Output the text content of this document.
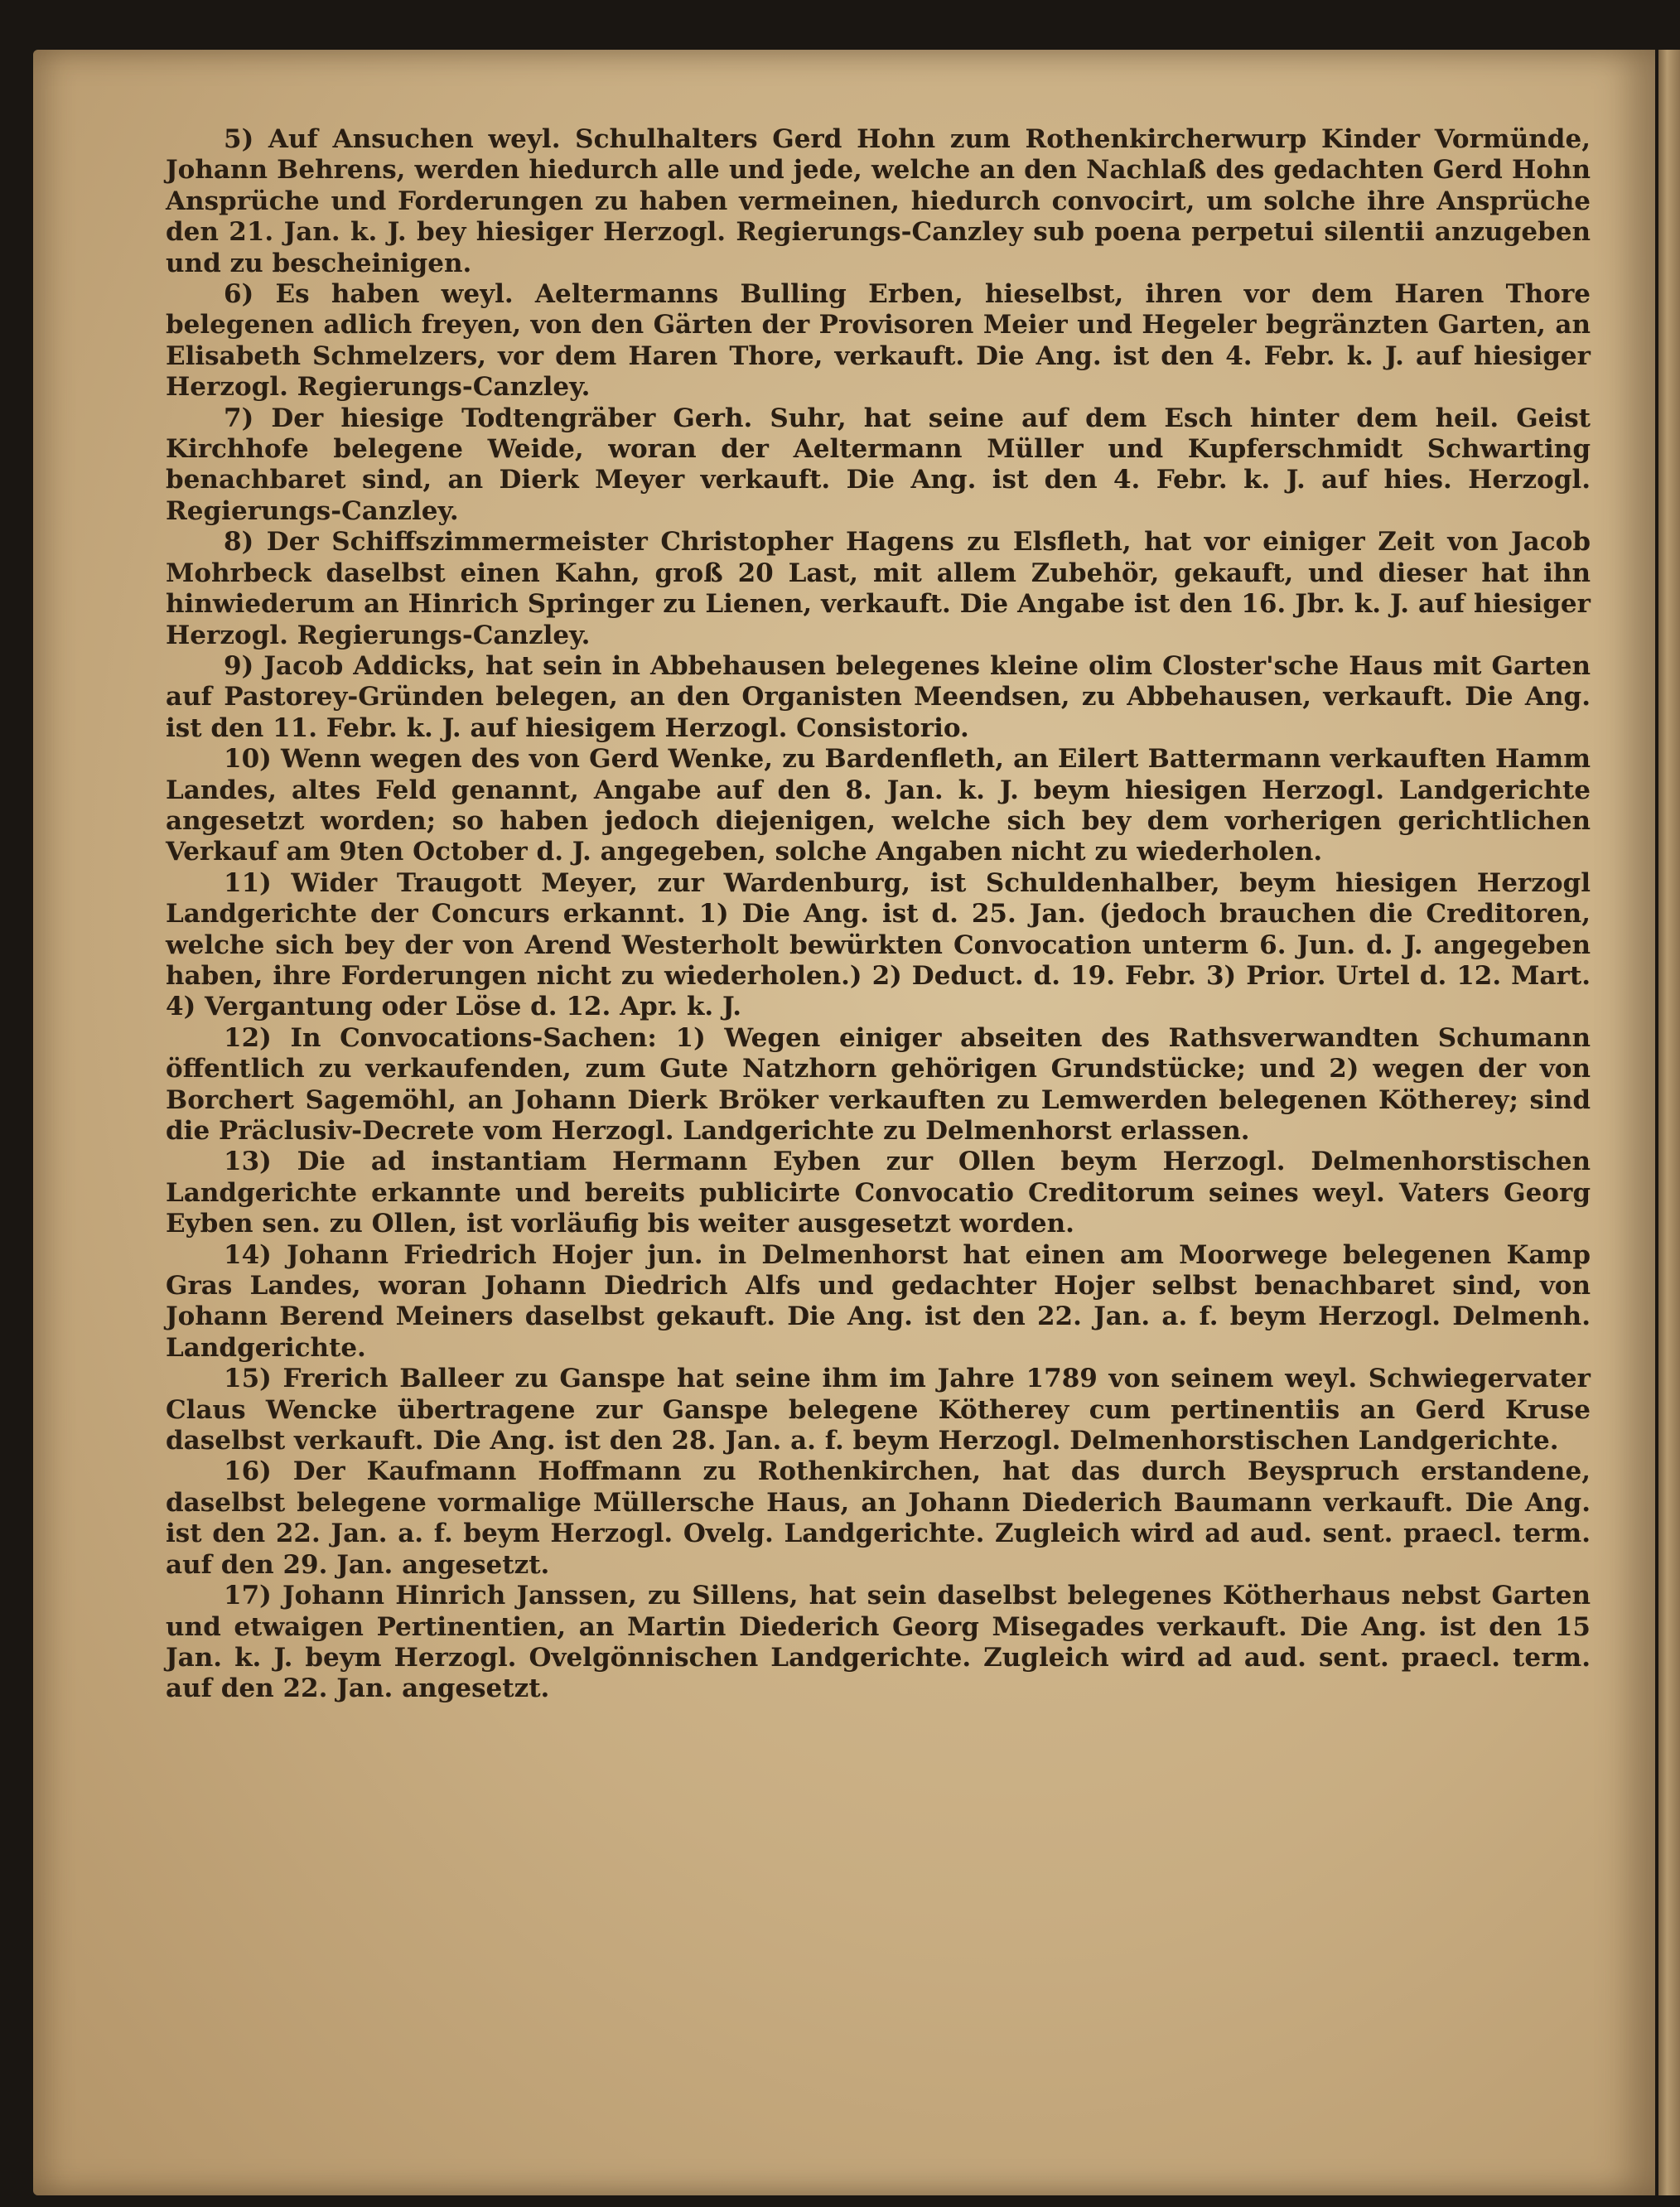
5) Auf Ansuchen weyl. Schulhalters Gerd Hohn zum Rothenkircherwurp Kinder Vormünde, Johann Behrens, werden hiedurch alle und jede, welche an den Nachlaß des gedachten Gerd Hohn Ansprüche und Forderungen zu haben vermeinen, hiedurch convocirt, um solche ihre Ansprüche den 21. Jan. k. J. bey hiesiger Herzogl. Regierungs-Canzley sub poena perpetui silentii anzugeben und zu bescheinigen.

6) Es haben weyl. Aeltermanns Bulling Erben, hieselbst, ihren vor dem Haren Thore belegenen adlich freyen, von den Gärten der Provisoren Meier und Hegeler begränzten Garten, an Elisabeth Schmelzers, vor dem Haren Thore, verkauft. Die Ang. ist den 4. Febr. k. J. auf hiesiger Herzogl. Regierungs-Canzley.

7) Der hiesige Todtengräber Gerh. Suhr, hat seine auf dem Esch hinter dem heil. Geist Kirchhofe belegene Weide, woran der Aeltermann Müller und Kupferschmidt Schwarting benachbaret sind, an Dierk Meyer verkauft. Die Ang. ist den 4. Febr. k. J. auf hies. Herzogl. Regierungs-Canzley.

8) Der Schiffszimmermeister Christopher Hagens zu Elsfleth, hat vor einiger Zeit von Jacob Mohrbeck daselbst einen Kahn, groß 20 Last, mit allem Zubehör, gekauft, und dieser hat ihn hinwiederum an Hinrich Springer zu Lienen, verkauft. Die Angabe ist den 16. Jbr. k. J. auf hiesiger Herzogl. Regierungs-Canzley.

9) Jacob Addicks, hat sein in Abbehausen belegenes kleine olim Closter'sche Haus mit Garten auf Pastorey-Gründen belegen, an den Organisten Meendsen, zu Abbehausen, verkauft. Die Ang. ist den 11. Febr. k. J. auf hiesigem Herzogl. Consistorio.

10) Wenn wegen des von Gerd Wenke, zu Bardenfleth, an Eilert Battermann verkauften Hamm Landes, altes Feld genannt, Angabe auf den 8. Jan. k. J. beym hiesigen Herzogl. Landgerichte angesetzt worden; so haben jedoch diejenigen, welche sich bey dem vorherigen gerichtlichen Verkauf am 9ten October d. J. angegeben, solche Angaben nicht zu wiederholen.

11) Wider Traugott Meyer, zur Wardenburg, ist Schuldenhalber, beym hiesigen Herzogl Landgerichte der Concurs erkannt. 1) Die Ang. ist d. 25. Jan. (jedoch brauchen die Creditoren, welche sich bey der von Arend Westerholt bewürkten Convocation unterm 6. Jun. d. J. angegeben haben, ihre Forderungen nicht zu wiederholen.) 2) Deduct. d. 19. Febr. 3) Prior. Urtel d. 12. Mart. 4) Vergantung oder Löse d. 12. Apr. k. J.

12) In Convocations-Sachen: 1) Wegen einiger abseiten des Rathsverwandten Schumann öffentlich zu verkaufenden, zum Gute Natzhorn gehörigen Grundstücke; und 2) wegen der von Borchert Sagemöhl, an Johann Dierk Bröker verkauften zu Lemwerden belegenen Kötherey; sind die Präclusiv-Decrete vom Herzogl. Landgerichte zu Delmenhorst erlassen.

13) Die ad instantiam Hermann Eyben zur Ollen beym Herzogl. Delmenhorstischen Landgerichte erkannte und bereits publicirte Convocatio Creditorum seines weyl. Vaters Georg Eyben sen. zu Ollen, ist vorläufig bis weiter ausgesetzt worden.

14) Johann Friedrich Hojer jun. in Delmenhorst hat einen am Moorwege belegenen Kamp Gras Landes, woran Johann Diedrich Alfs und gedachter Hojer selbst benachbaret sind, von Johann Berend Meiners daselbst gekauft. Die Ang. ist den 22. Jan. a. f. beym Herzogl. Delmenh. Landgerichte.

15) Frerich Balleer zu Ganspe hat seine ihm im Jahre 1789 von seinem weyl. Schwiegervater Claus Wencke übertragene zur Ganspe belegene Kötherey cum pertinentiis an Gerd Kruse daselbst verkauft. Die Ang. ist den 28. Jan. a. f. beym Herzogl. Delmenhorstischen Landgerichte.

16) Der Kaufmann Hoffmann zu Rothenkirchen, hat das durch Beyspruch erstandene, daselbst belegene vormalige Müllersche Haus, an Johann Diederich Baumann verkauft. Die Ang. ist den 22. Jan. a. f. beym Herzogl. Ovelg. Landgerichte. Zugleich wird ad aud. sent. praecl. term. auf den 29. Jan. angesetzt.

17) Johann Hinrich Janssen, zu Sillens, hat sein daselbst belegenes Kötherhaus nebst Garten und etwaigen Pertinentien, an Martin Diederich Georg Misegades verkauft. Die Ang. ist den 15 Jan. k. J. beym Herzogl. Ovelgönnischen Landgerichte. Zugleich wird ad aud. sent. praecl. term. auf den 22. Jan. angesetzt.
